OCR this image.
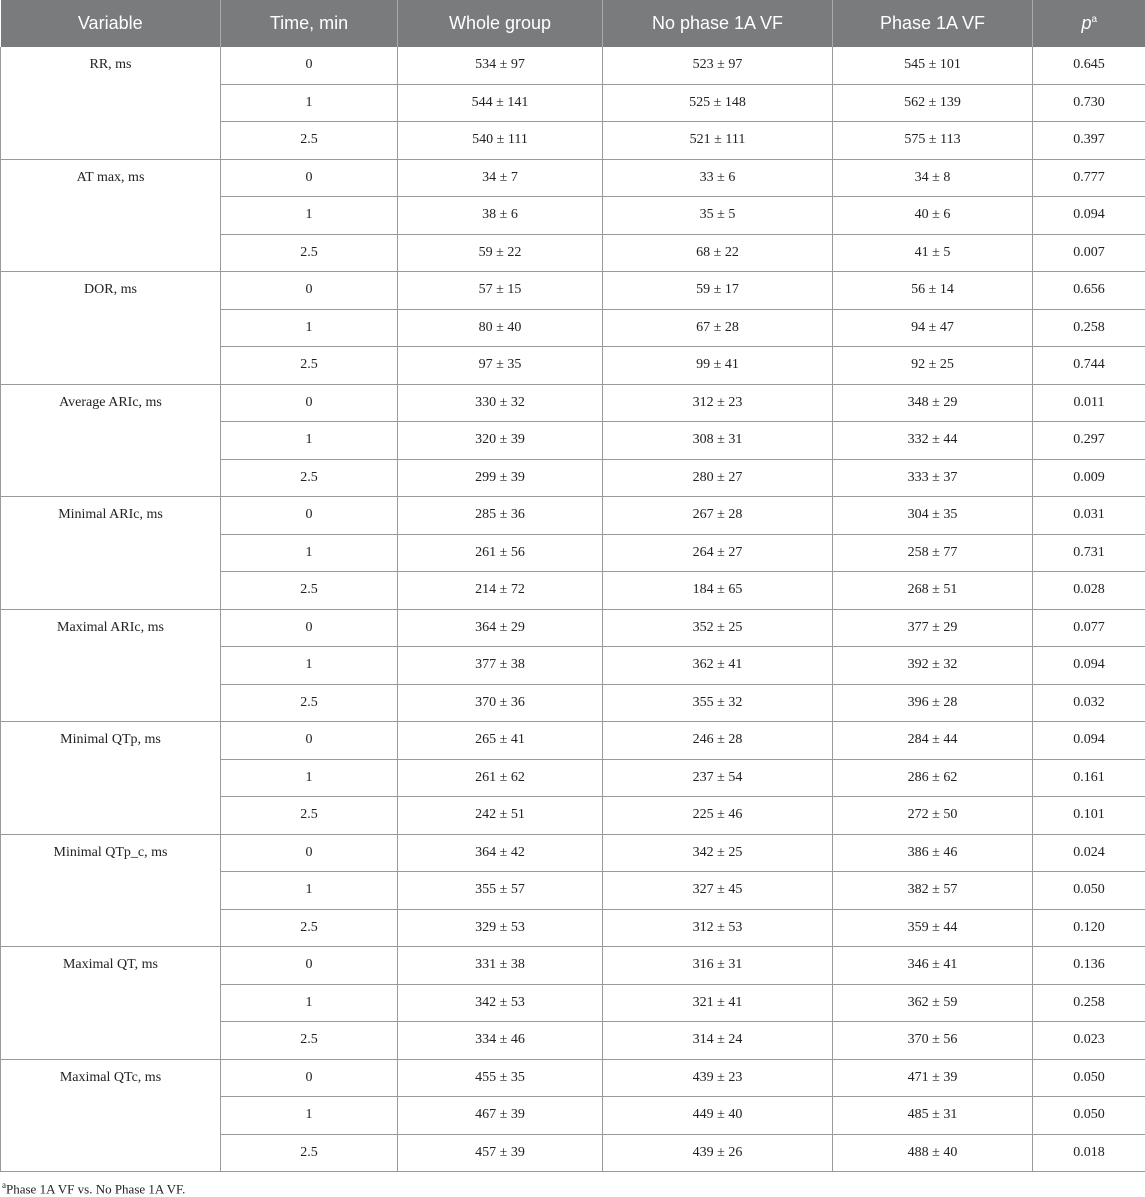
Variable	Time, min	Whole group	No phase 1A VF	Phase 1A VF	$p^a$
RR, ms	0	534 ± 97	523 ± 97	545 ± 101	0.645
	1	544 ± 141	525 ± 148	562 ± 139	0.730
	2.5	540 ± 111	521 ± 111	575 ± 113	0.397
AT max, ms	0	34 ± 7	33 ± 6	34 ± 8	0.777
	1	38 ± 6	35 ± 5	40 ± 6	0.094
	2.5	59 ± 22	68 ± 22	41 ± 5	0.007
DOR, ms	0	57 ± 15	59 ± 17	56 ± 14	0.656
	1	80 ± 40	67 ± 28	94 ± 47	0.258
	2.5	97 ± 35	99 ± 41	92 ± 25	0.744
Average ARIc, ms	0	330 ± 32	312 ± 23	348 ± 29	0.011
	1	320 ± 39	308 ± 31	332 ± 44	0.297
	2.5	299 ± 39	280 ± 27	333 ± 37	0.009
Minimal ARIc, ms	0	285 ± 36	267 ± 28	304 ± 35	0.031
	1	261 ± 56	264 ± 27	258 ± 77	0.731
	2.5	214 ± 72	184 ± 65	268 ± 51	0.028
Maximal ARIc, ms	0	364 ± 29	352 ± 25	377 ± 29	0.077
	1	377 ± 38	362 ± 41	392 ± 32	0.094
	2.5	370 ± 36	355 ± 32	396 ± 28	0.032
Minimal QTp, ms	0	265 ± 41	246 ± 28	284 ± 44	0.094
	1	261 ± 62	237 ± 54	286 ± 62	0.161
	2.5	242 ± 51	225 ± 46	272 ± 50	0.101
Minimal QTp_c, ms	0	364 ± 42	342 ± 25	386 ± 46	0.024
	1	355 ± 57	327 ± 45	382 ± 57	0.050
	2.5	329 ± 53	312 ± 53	359 ± 44	0.120
Maximal QT, ms	0	331 ± 38	316 ± 31	346 ± 41	0.136
	1	342 ± 53	321 ± 41	362 ± 59	0.258
	2.5	334 ± 46	314 ± 24	370 ± 56	0.023
Maximal QTc, ms	0	455 ± 35	439 ± 23	471 ± 39	0.050
	1	467 ± 39	449 ± 40	485 ± 31	0.050
	2.5	457 ± 39	439 ± 26	488 ± 40	0.018
$^a$Phase 1A VF vs. No Phase 1A VF.
